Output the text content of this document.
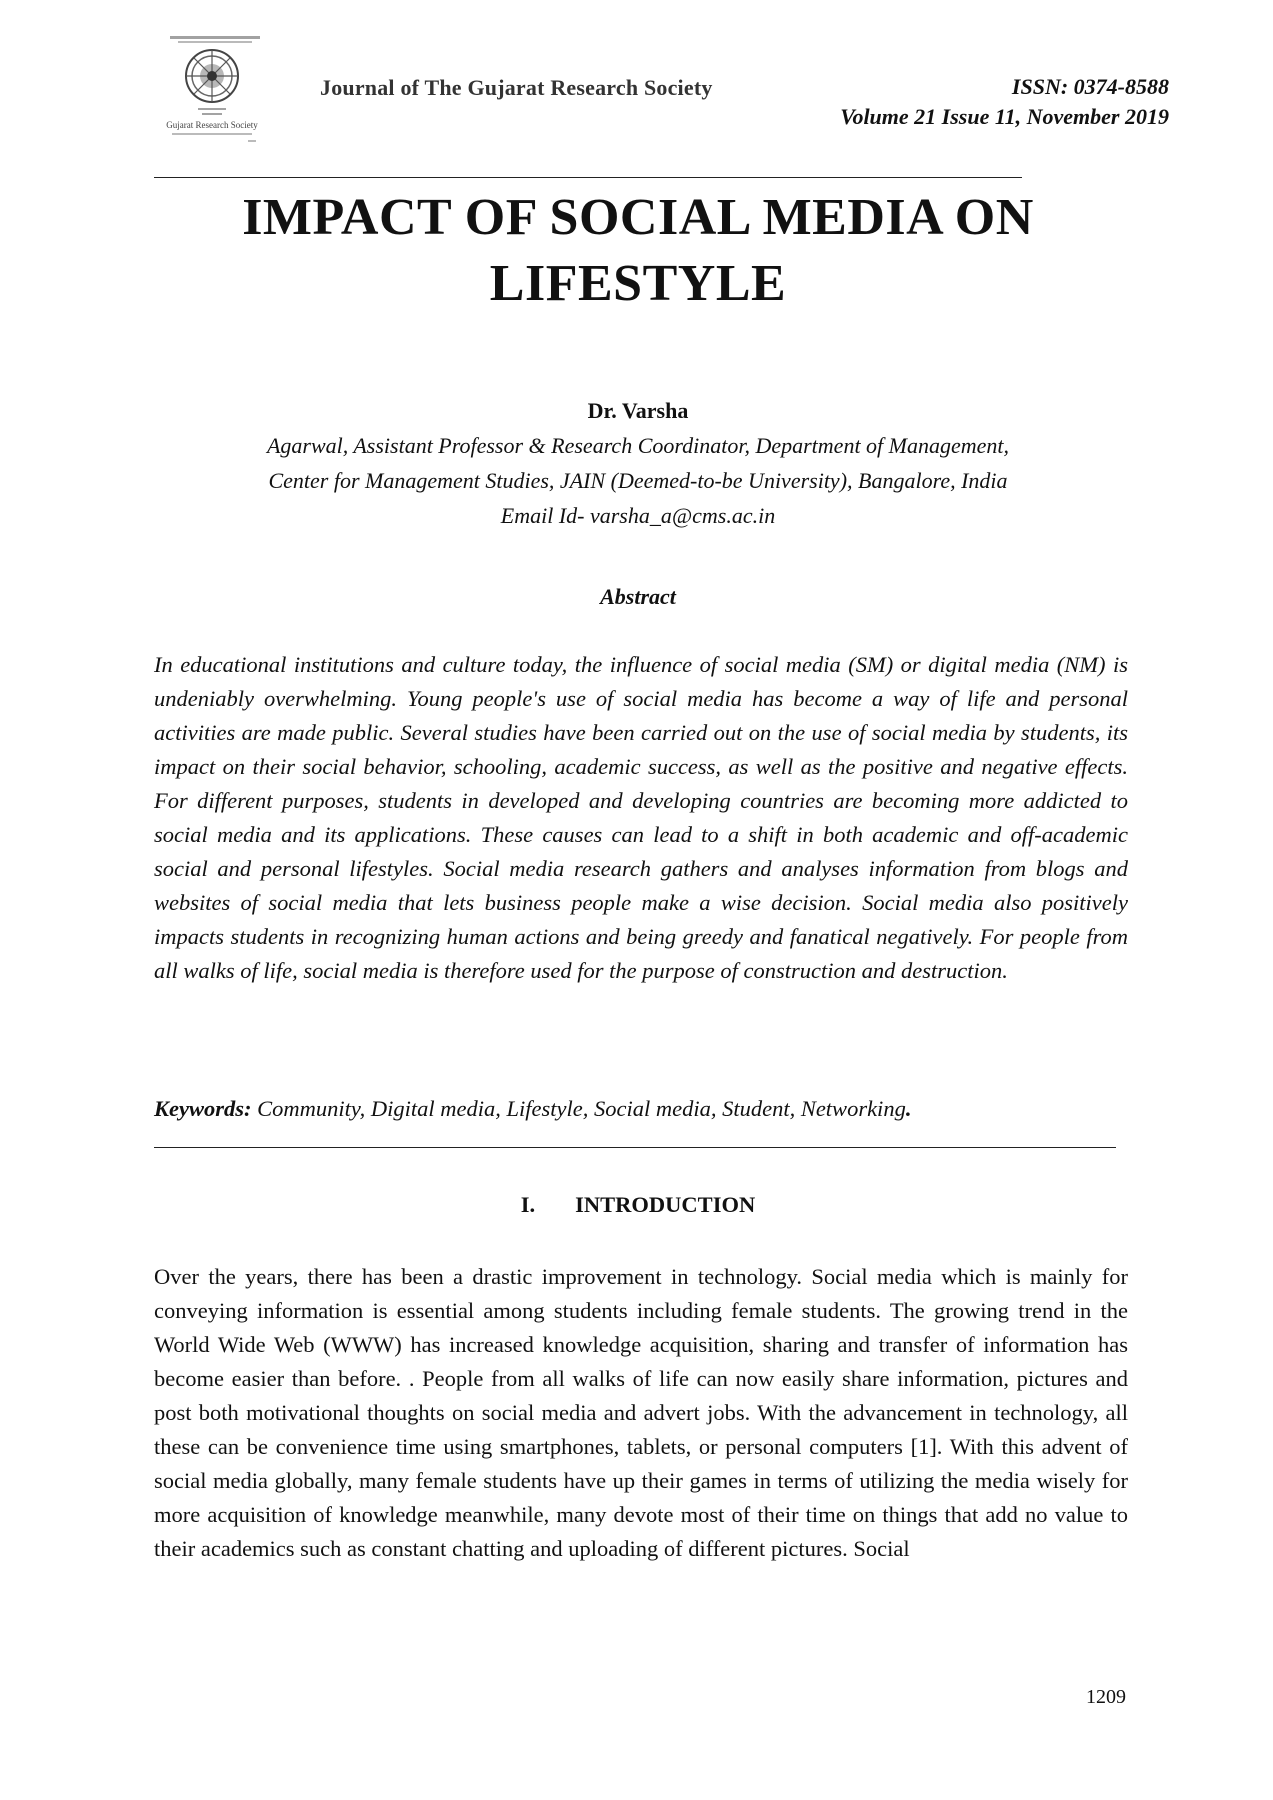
Gujarat Research Society
Journal of The Gujarat Research Society	ISSN: 0374-8588
Volume 21 Issue 11, November 2019
IMPACT OF SOCIAL MEDIA ON
LIFESTYLE
Dr. Varsha
Agarwal, Assistant Professor & Research Coordinator, Department of Management,
Center for Management Studies, JAIN (Deemed-to-be University), Bangalore, India
Email Id- varsha_a@cms.ac.in
Abstract

In educational institutions and culture today, the influence of social media (SM) or digital media (NM) is undeniably overwhelming. Young people's use of social media has become a way of life and personal activities are made public. Several studies have been carried out on the use of social media by students, its impact on their social behavior, schooling, academic success, as well as the positive and negative effects. For different purposes, students in developed and developing countries are becoming more addicted to social media and its applications. These causes can lead to a shift in both academic and off-academic social and personal lifestyles. Social media research gathers and analyses information from blogs and websites of social media that lets business people make a wise decision. Social media also positively impacts students in recognizing human actions and being greedy and fanatical negatively. For people from all walks of life, social media is therefore used for the purpose of construction and destruction.

Keywords: Community, Digital media, Lifestyle, Social media, Student, Networking.

I. INTRODUCTION

Over the years, there has been a drastic improvement in technology. Social media which is mainly for conveying information is essential among students including female students. The growing trend in the World Wide Web (WWW) has increased knowledge acquisition, sharing and transfer of information has become easier than before. . People from all walks of life can now easily share information, pictures and post both motivational thoughts on social media and advert jobs. With the advancement in technology, all these can be convenience time using smartphones, tablets, or personal computers [1]. With this advent of social media globally, many female students have up their games in terms of utilizing the media wisely for more acquisition of knowledge meanwhile, many devote most of their time on things that add no value to their academics such as constant chatting and uploading of different pictures. Social

1209
